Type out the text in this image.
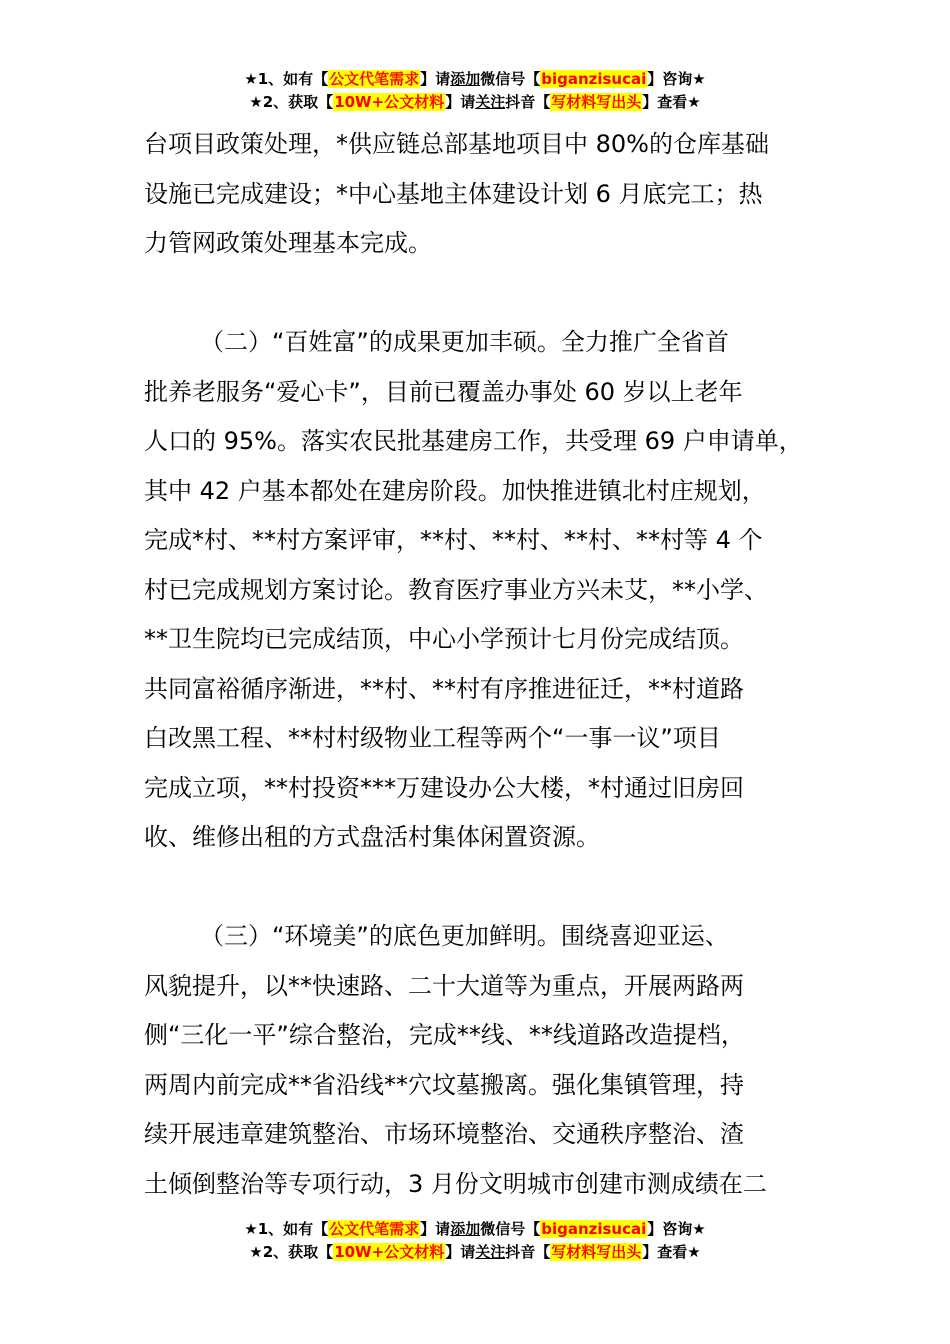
★1、如有【公文代笔需求】请添加微信号【biganzisucai】咨询★
★2、获取【10W+公文材料】请关注抖音【写材料写出头】查看★

台项目政策处理，*供应链总部基地项目中 80%的仓库基础
设施已完成建设；*中心基地主体建设计划 6 月底完工；热
力管网政策处理基本完成。

（二）“百姓富”的成果更加丰硕。全力推广全省首
批养老服务“爱心卡”，目前已覆盖办事处 60 岁以上老年
人口的 95%。落实农民批基建房工作，共受理 69 户申请单，
其中 42 户基本都处在建房阶段。加快推进镇北村庄规划，
完成*村、**村方案评审，**村、**村、**村、**村等 4 个
村已完成规划方案讨论。教育医疗事业方兴未艾，**小学、
**卫生院均已完成结顶，中心小学预计七月份完成结顶。
共同富裕循序渐进，**村、**村有序推进征迁，**村道路
白改黑工程、**村村级物业工程等两个“一事一议”项目
完成立项，**村投资***万建设办公大楼，*村通过旧房回
收、维修出租的方式盘活村集体闲置资源。

（三）“环境美”的底色更加鲜明。围绕喜迎亚运、
风貌提升，以**快速路、二十大道等为重点，开展两路两
侧“三化一平”综合整治，完成**线、**线道路改造提档，
两周内前完成**省沿线**穴坟墓搬离。强化集镇管理，持
续开展违章建筑整治、市场环境整治、交通秩序整治、渣
土倾倒整治等专项行动，3 月份文明城市创建市测成绩在二

★1、如有【公文代笔需求】请添加微信号【biganzisucai】咨询★
★2、获取【10W+公文材料】请关注抖音【写材料写出头】查看★
